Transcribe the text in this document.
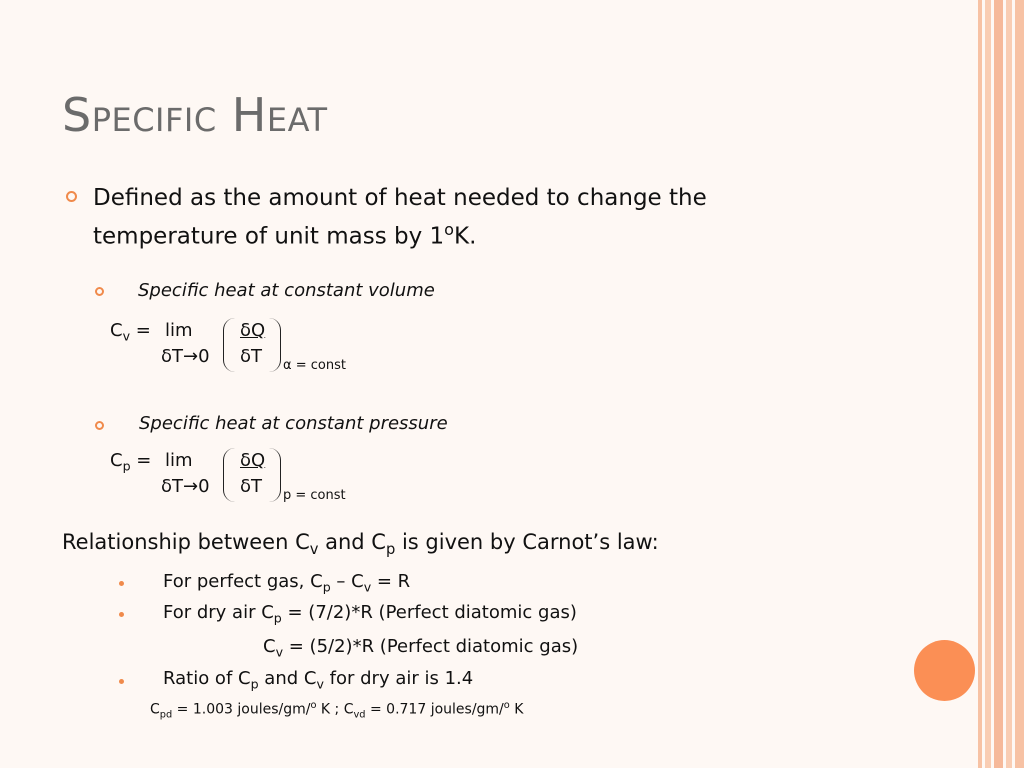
Specific Heat
Defined as the amount of heat needed to change the
temperature of unit mass by 1$^o$K.
Specific heat at constant volume
$C_v = \lim$
δT→0
δQ
δT α = const
Specific heat at constant pressure
$C_p = \lim$
δT→0
δQ
δT p = const
Relationship between $C_v$ and $C_p$ is given by Carnot’s law:
For perfect gas, $C_p - C_v = R$
For dry air $C_p = (7/2)*R$ (Perfect diatomic gas)
$C_v = (5/2)*R$ (Perfect diatomic gas)
Ratio of $C_p$ and $C_v$ for dry air is 1.4
$C_{pd} = 1.003$ joules/gm/$^o$ K ; $C_{vd} = 0.717$ joules/gm/$^o$ K
